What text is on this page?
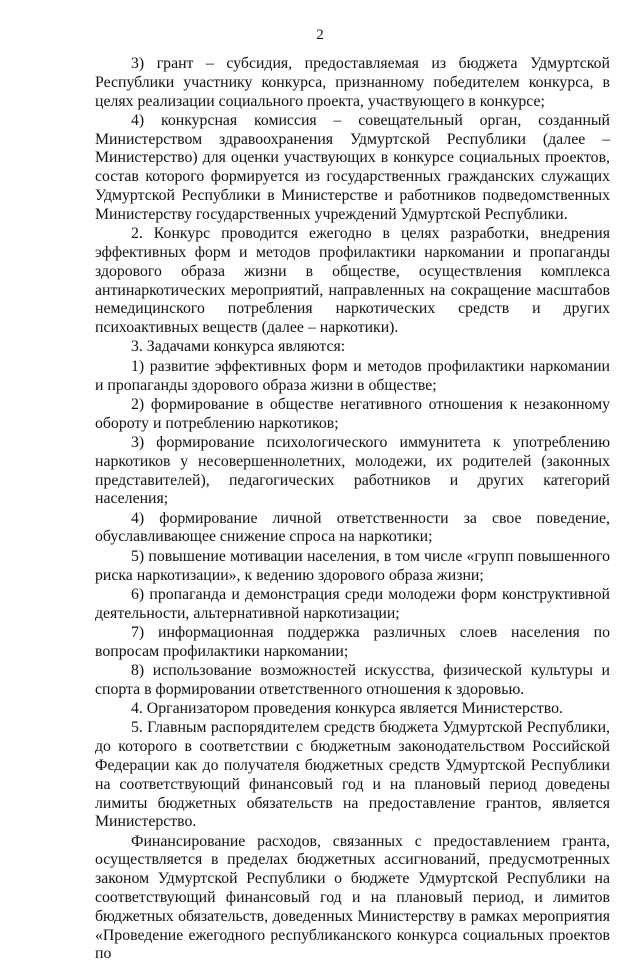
2

3) грант – субсидия, предоставляемая из бюджета Удмуртской Республики участнику конкурса, признанному победителем конкурса, в целях реализации социального проекта, участвующего в конкурсе;

4) конкурсная комиссия – совещательный орган, созданный Министерством здравоохранения Удмуртской Республики (далее – Министерство) для оценки участвующих в конкурсе социальных проектов, состав которого формируется из государственных гражданских служащих Удмуртской Республики в Министерстве и работников подведомственных Министерству государственных учреждений Удмуртской Республики.

2. Конкурс проводится ежегодно в целях разработки, внедрения эффективных форм и методов профилактики наркомании и пропаганды здорового образа жизни в обществе, осуществления комплекса антинаркотических мероприятий, направленных на сокращение масштабов немедицинского потребления наркотических средств и других психоактивных веществ (далее – наркотики).

3. Задачами конкурса являются:

1) развитие эффективных форм и методов профилактики наркомании и пропаганды здорового образа жизни в обществе;

2) формирование в обществе негативного отношения к незаконному обороту и потреблению наркотиков;

3) формирование психологического иммунитета к употреблению наркотиков у несовершеннолетних, молодежи, их родителей (законных представителей), педагогических работников и других категорий населения;

4) формирование личной ответственности за свое поведение, обуславливающее снижение спроса на наркотики;

5) повышение мотивации населения, в том числе «групп повышенного риска наркотизации», к ведению здорового образа жизни;

6) пропаганда и демонстрация среди молодежи форм конструктивной деятельности, альтернативной наркотизации;

7) информационная поддержка различных слоев населения по вопросам профилактики наркомании;

8) использование возможностей искусства, физической культуры и спорта в формировании ответственного отношения к здоровью.

4. Организатором проведения конкурса является Министерство.

5. Главным распорядителем средств бюджета Удмуртской Республики, до которого в соответствии с бюджетным законодательством Российской Федерации как до получателя бюджетных средств Удмуртской Республики на соответствующий финансовый год и на плановый период доведены лимиты бюджетных обязательств на предоставление грантов, является Министерство.

Финансирование расходов, связанных с предоставлением гранта, осуществляется в пределах бюджетных ассигнований, предусмотренных законом Удмуртской Республики о бюджете Удмуртской Республики на соответствующий финансовый год и на плановый период, и лимитов бюджетных обязательств, доведенных Министерству в рамках мероприятия «Проведение ежегодного республиканского конкурса социальных проектов по
